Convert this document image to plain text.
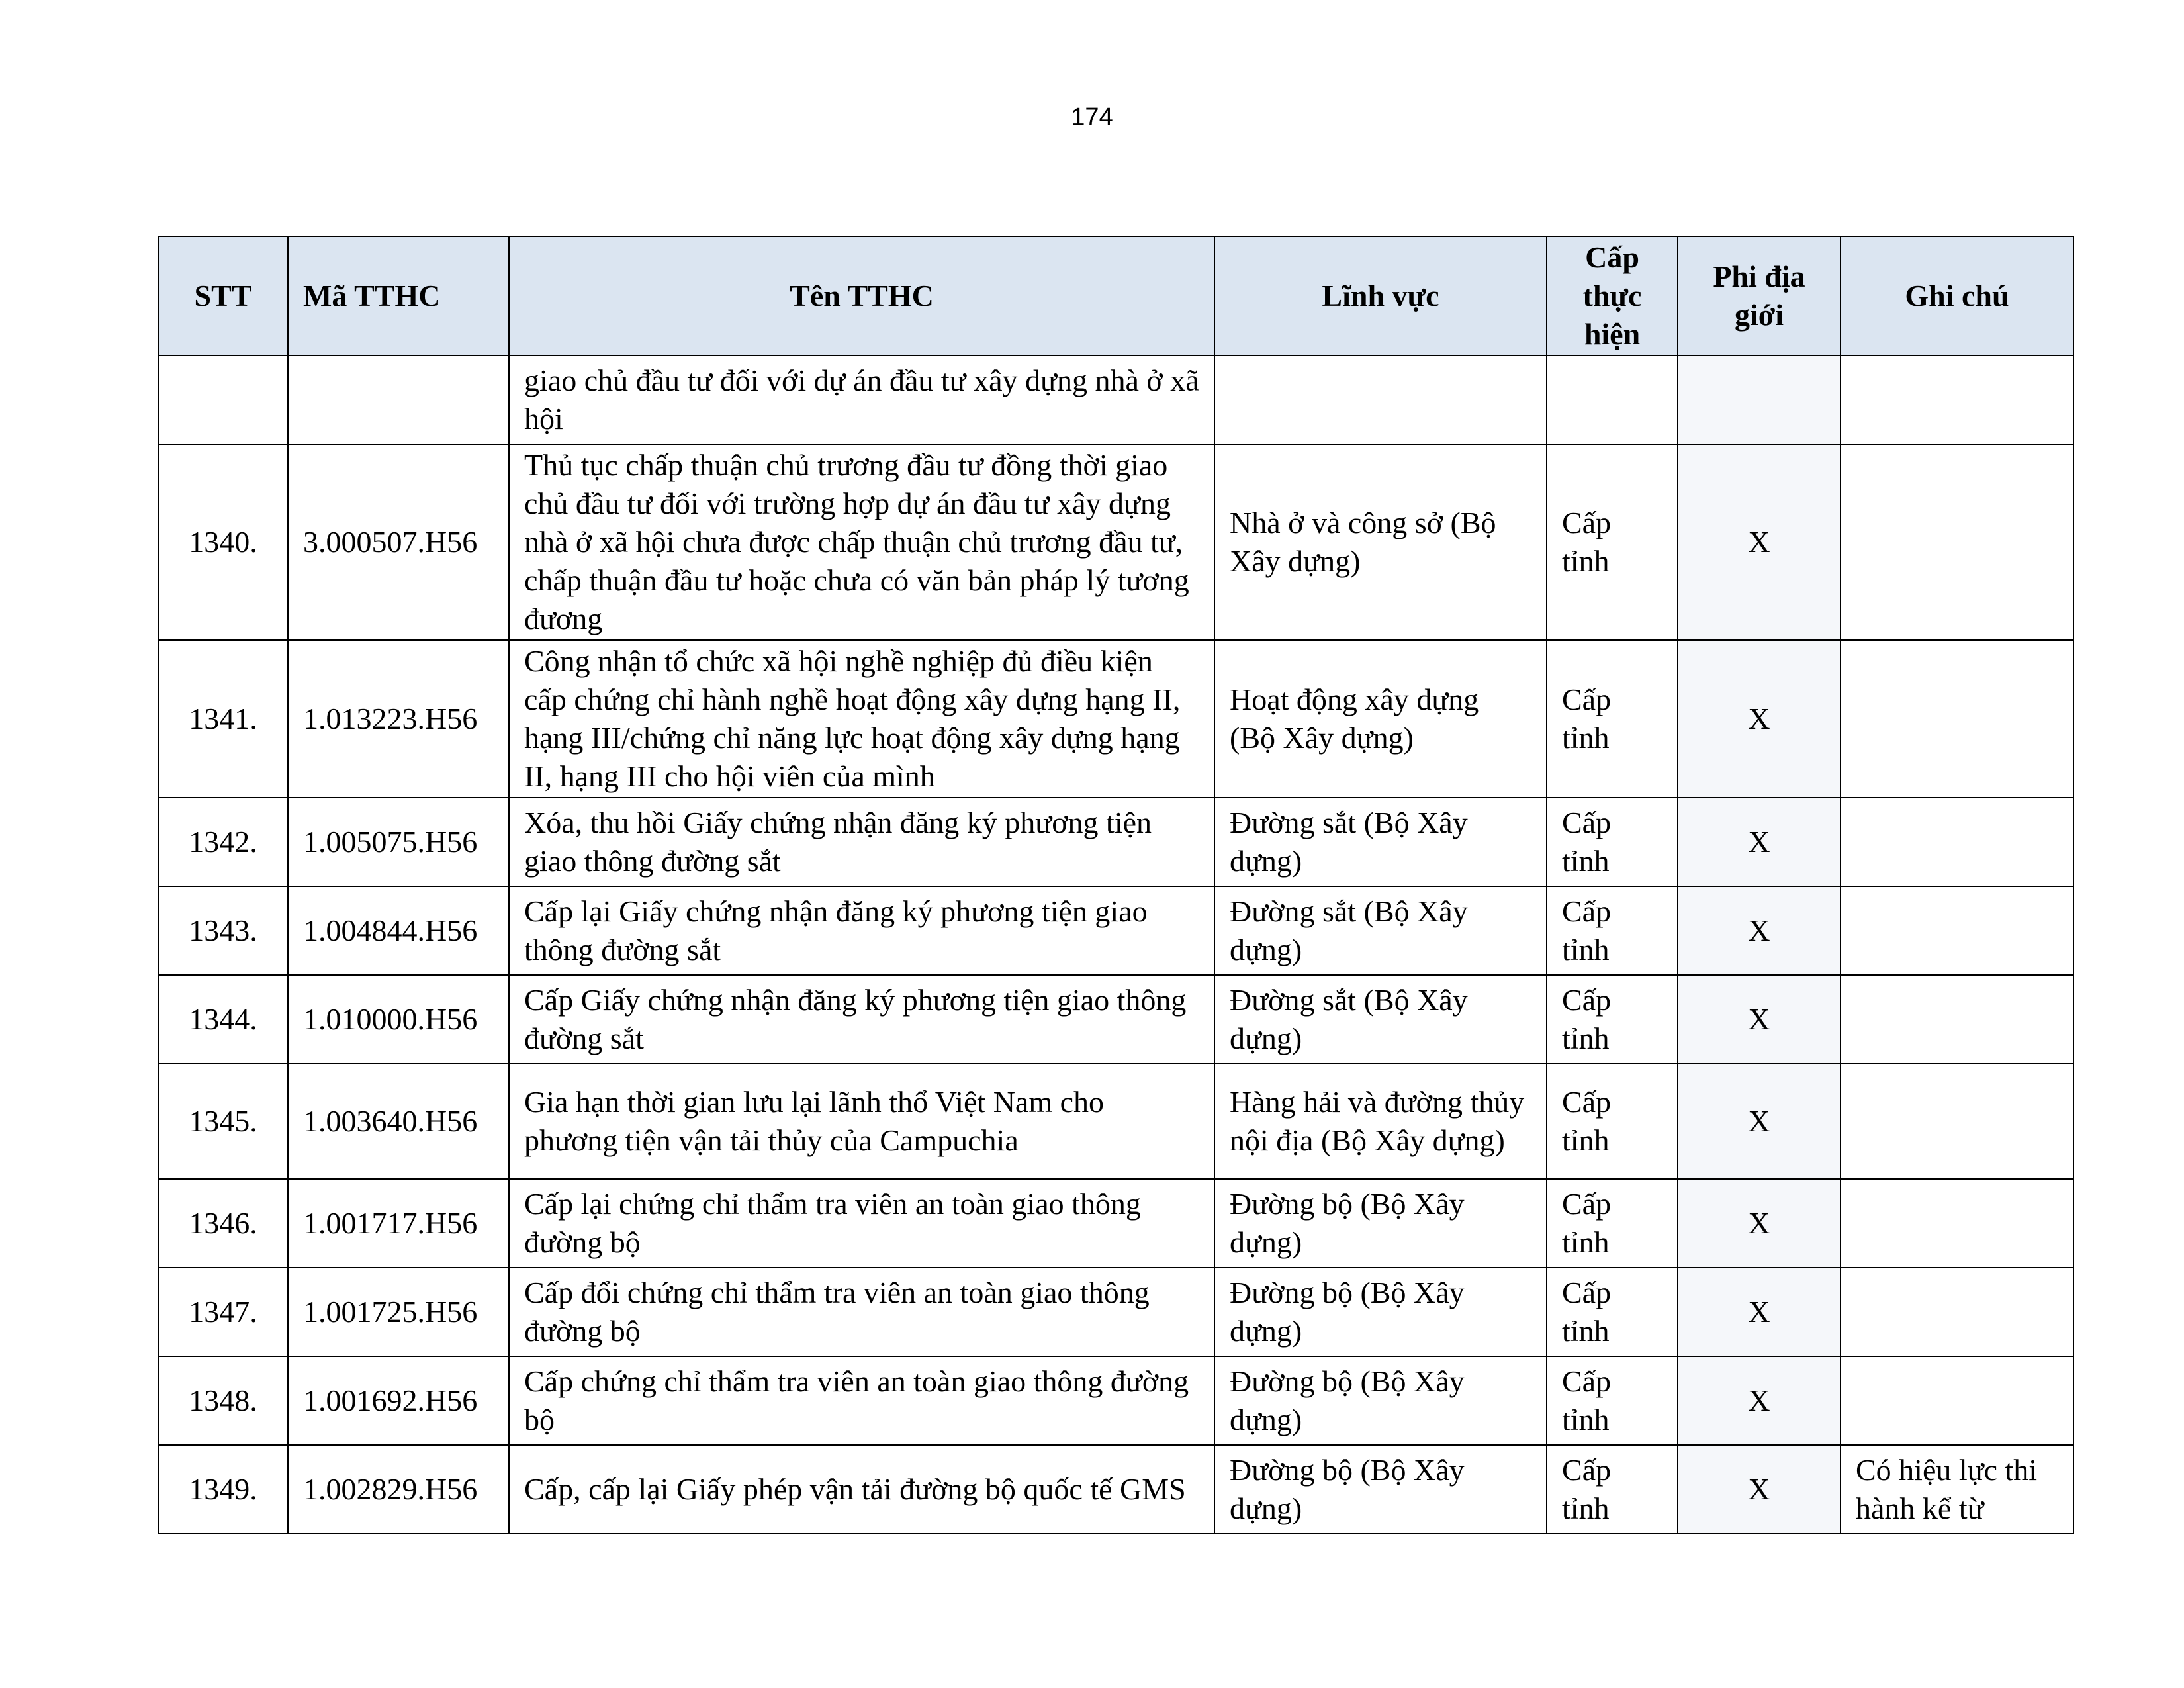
174
STT	Mã TTHC	Tên TTHC	Lĩnh vực	Cấp thực hiện	Phi địa giới	Ghi chú
		giao chủ đầu tư đối với dự án đầu tư xây dựng nhà ở xã hội				
1340.	3.000507.H56	Thủ tục chấp thuận chủ trương đầu tư đồng thời giao chủ đầu tư đối với trường hợp dự án đầu tư xây dựng nhà ở xã hội chưa được chấp thuận chủ trương đầu tư, chấp thuận đầu tư hoặc chưa có văn bản pháp lý tương đương	Nhà ở và công sở (Bộ Xây dựng)	Cấp tỉnh	X	
1341.	1.013223.H56	Công nhận tổ chức xã hội nghề nghiệp đủ điều kiện cấp chứng chỉ hành nghề hoạt động xây dựng hạng II, hạng III/chứng chỉ năng lực hoạt động xây dựng hạng II, hạng III cho hội viên của mình	Hoạt động xây dựng (Bộ Xây dựng)	Cấp tỉnh	X	
1342.	1.005075.H56	Xóa, thu hồi Giấy chứng nhận đăng ký phương tiện giao thông đường sắt	Đường sắt (Bộ Xây dựng)	Cấp tỉnh	X	
1343.	1.004844.H56	Cấp lại Giấy chứng nhận đăng ký phương tiện giao thông đường sắt	Đường sắt (Bộ Xây dựng)	Cấp tỉnh	X	
1344.	1.010000.H56	Cấp Giấy chứng nhận đăng ký phương tiện giao thông đường sắt	Đường sắt (Bộ Xây dựng)	Cấp tỉnh	X	
1345.	1.003640.H56	Gia hạn thời gian lưu lại lãnh thổ Việt Nam cho phương tiện vận tải thủy của Campuchia	Hàng hải và đường thủy nội địa (Bộ Xây dựng)	Cấp tỉnh	X	
1346.	1.001717.H56	Cấp lại chứng chỉ thẩm tra viên an toàn giao thông đường bộ	Đường bộ (Bộ Xây dựng)	Cấp tỉnh	X	
1347.	1.001725.H56	Cấp đổi chứng chỉ thẩm tra viên an toàn giao thông đường bộ	Đường bộ (Bộ Xây dựng)	Cấp tỉnh	X	
1348.	1.001692.H56	Cấp chứng chỉ thẩm tra viên an toàn giao thông đường bộ	Đường bộ (Bộ Xây dựng)	Cấp tỉnh	X	
1349.	1.002829.H56	Cấp, cấp lại Giấy phép vận tải đường bộ quốc tế GMS	Đường bộ (Bộ Xây dựng)	Cấp tỉnh	X	Có hiệu lực thi hành kể từ
